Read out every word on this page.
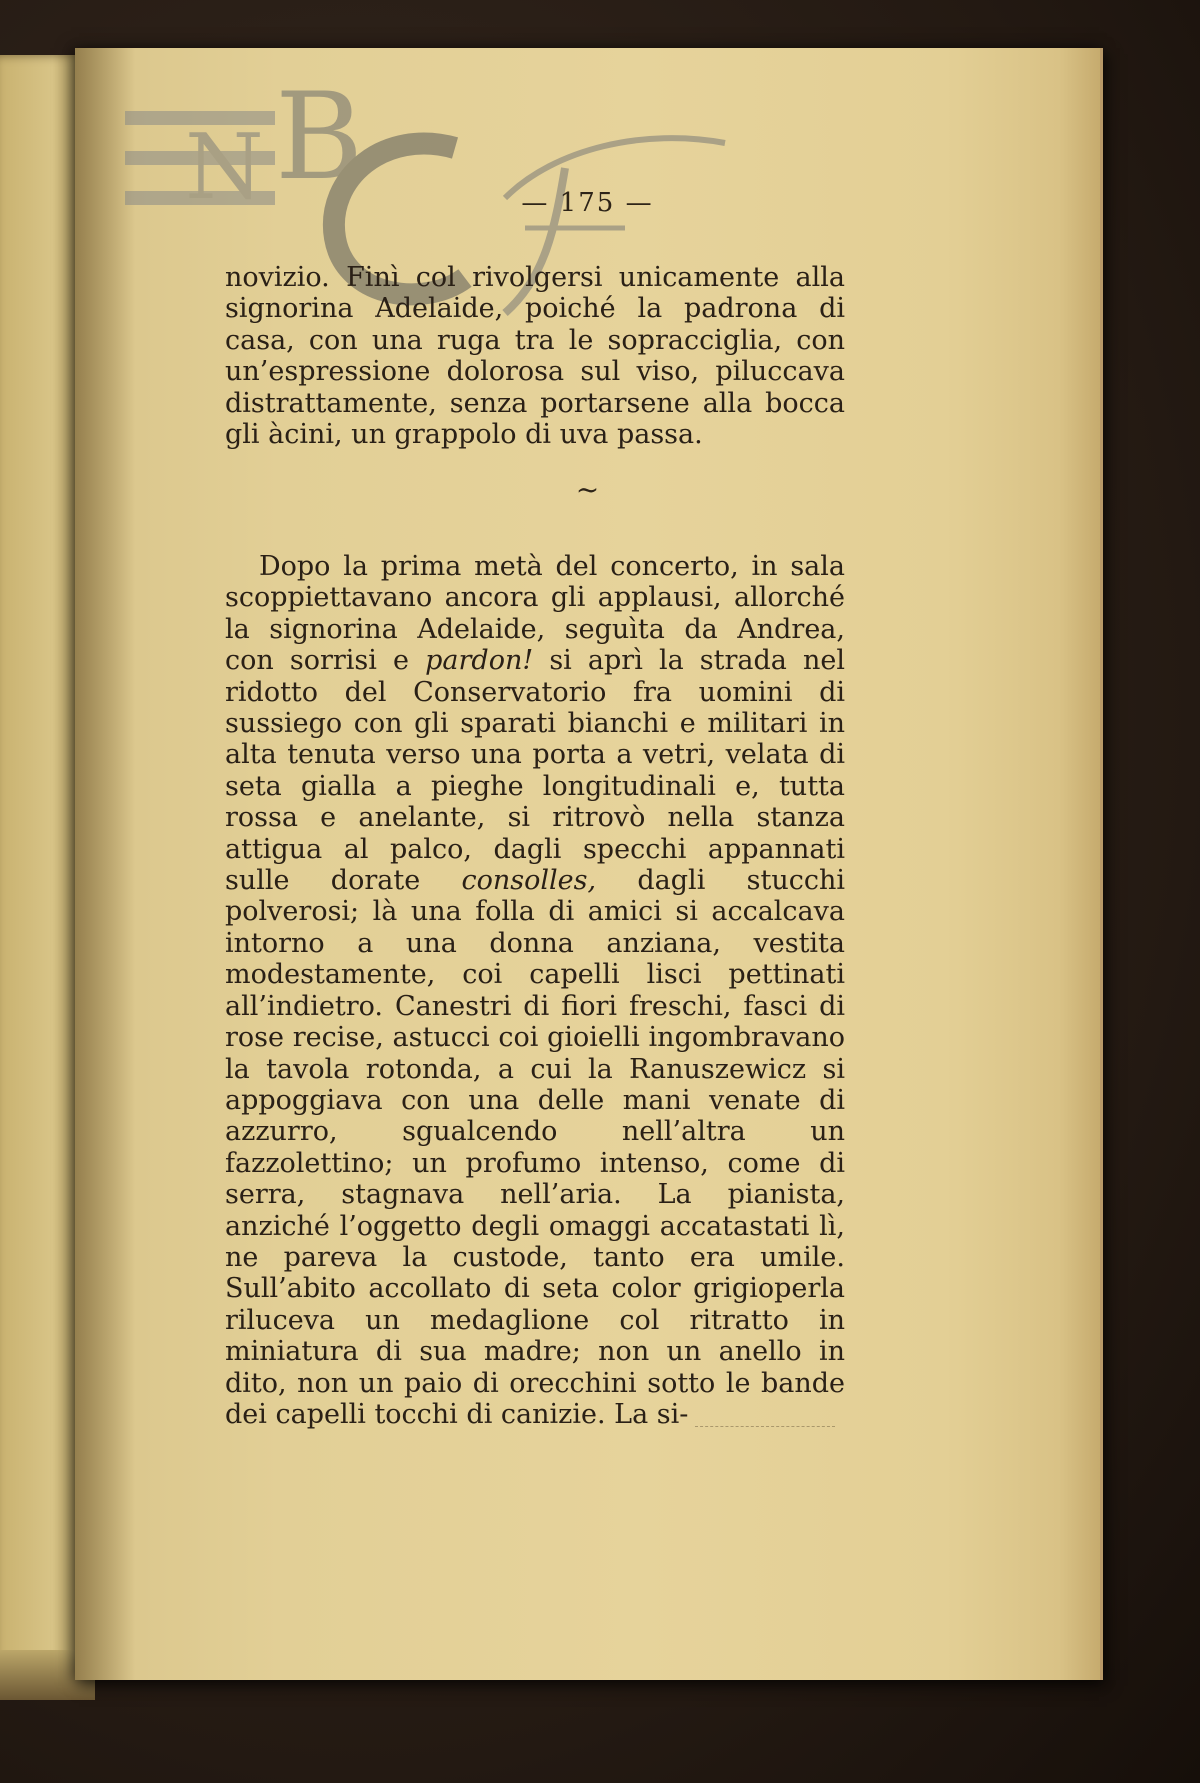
N B	— 175 —
novizio. Finì col rivolgersi unicamente alla signorina Adelaide, poiché la padrona di casa, con una ruga tra le sopracciglia, con un’espressione dolorosa sul viso, piluccava distrattamente, senza portarsene alla bocca gli àcini, un grappolo di uva passa.
~
Dopo la prima metà del concerto, in sala scoppiettavano ancora gli applausi, allorché la signorina Adelaide, seguìta da Andrea, con sorrisi e pardon! si aprì la strada nel ridotto del Conservatorio fra uomini di sussiego con gli sparati bianchi e militari in alta tenuta verso una porta a vetri, velata di seta gialla a pieghe longitudinali e, tutta rossa e anelante, si ritrovò nella stanza attigua al palco, dagli specchi appannati sulle dorate consolles, dagli stucchi polverosi; là una folla di amici si accalcava intorno a una donna anziana, vestita modestamente, coi capelli lisci pettinati all’indietro. Canestri di fiori freschi, fasci di rose recise, astucci coi gioielli ingombravano la tavola rotonda, a cui la Ranuszewicz si appoggiava con una delle mani venate di azzurro, sgualcendo nell’altra un fazzolettino; un profumo intenso, come di serra, stagnava nell’aria. La pianista, anziché l’oggetto degli omaggi accatastati lì, ne pareva la custode, tanto era umile. Sull’abito accollato di seta color grigioperla riluceva un medaglione col ritratto in miniatura di sua madre; non un anello in dito, non un paio di orecchini sotto le bande dei capelli tocchi di canizie. La si-
